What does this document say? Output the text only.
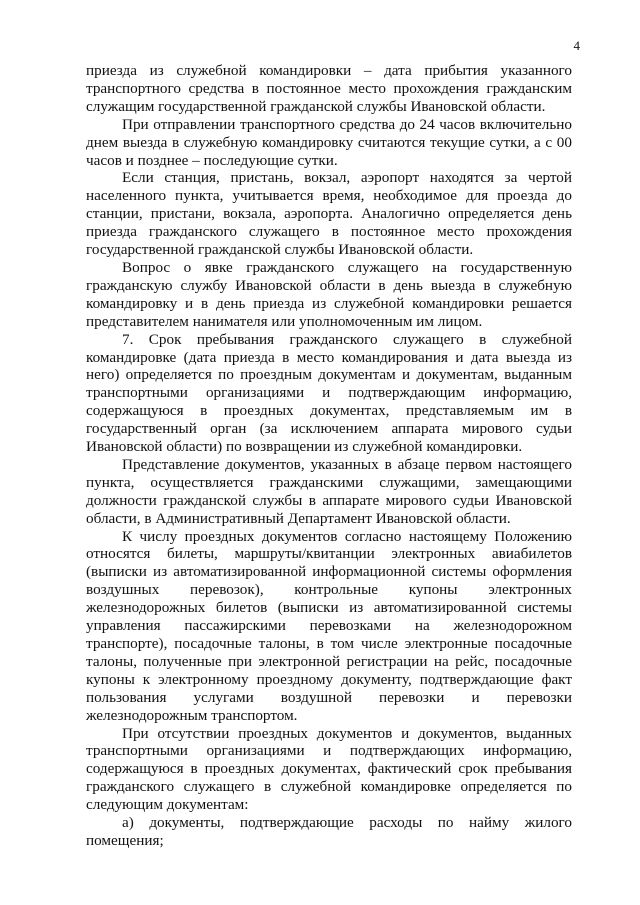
4

приезда из служебной командировки – дата прибытия указанного транспортного средства в постоянное место прохождения гражданским служащим государственной гражданской службы Ивановской области.

При отправлении транспортного средства до 24 часов включительно днем выезда в служебную командировку считаются текущие сутки, а с 00 часов и позднее – последующие сутки.

Если станция, пристань, вокзал, аэропорт находятся за чертой населенного пункта, учитывается время, необходимое для проезда до станции, пристани, вокзала, аэропорта. Аналогично определяется день приезда гражданского служащего в постоянное место прохождения государственной гражданской службы Ивановской области.

Вопрос о явке гражданского служащего на государственную гражданскую службу Ивановской области в день выезда в служебную командировку и в день приезда из служебной командировки решается представителем нанимателя или уполномоченным им лицом.

7. Срок пребывания гражданского служащего в служебной командировке (дата приезда в место командирования и дата выезда из него) определяется по проездным документам и документам, выданным транспортными организациями и подтверждающим информацию, содержащуюся в проездных документах, представляемым им в государственный орган (за исключением аппарата мирового судьи Ивановской области) по возвращении из служебной командировки.

Представление документов, указанных в абзаце первом настоящего пункта, осуществляется гражданскими служащими, замещающими должности гражданской службы в аппарате мирового судьи Ивановской области, в Административный Департамент Ивановской области.

К числу проездных документов согласно настоящему Положению относятся билеты, маршруты/квитанции электронных авиабилетов (выписки из автоматизированной информационной системы оформления воздушных перевозок), контрольные купоны электронных железнодорожных билетов (выписки из автоматизированной системы управления пассажирскими перевозками на железнодорожном транспорте), посадочные талоны, в том числе электронные посадочные талоны, полученные при электронной регистрации на рейс, посадочные купоны к электронному проездному документу, подтверждающие факт пользования услугами воздушной перевозки и перевозки железнодорожным транспортом.

При отсутствии проездных документов и документов, выданных транспортными организациями и подтверждающих информацию, содержащуюся в проездных документах, фактический срок пребывания гражданского служащего в служебной командировке определяется по следующим документам:

а) документы, подтверждающие расходы по найму жилого помещения;
